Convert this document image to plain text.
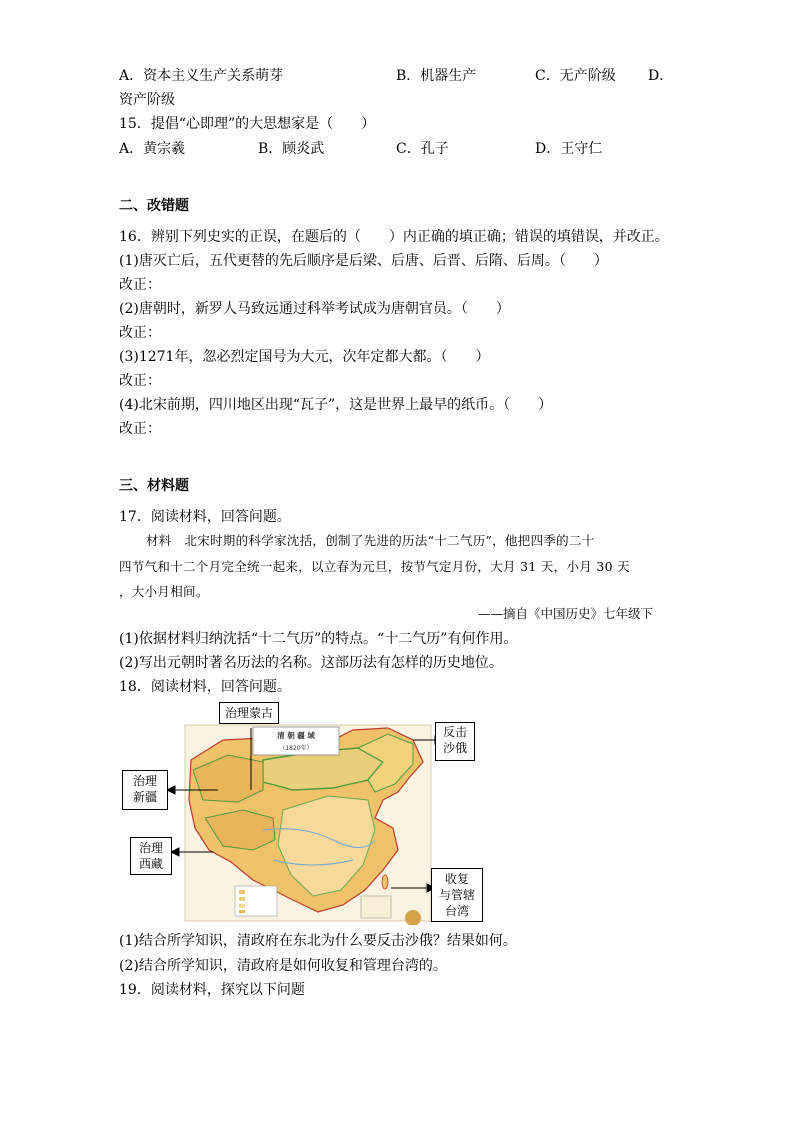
A．资本主义生产关系萌芽	B．机器生产	C．无产阶级 D．
资产阶级
15．提倡“心即理”的大思想家是（　　）
A．黄宗羲	B．顾炎武	C．孔子	D．王守仁
二、改错题
16．辨别下列史实的正误，在题后的（　　）内正确的填正确；错误的填错误，并改正。
(1)唐灭亡后，五代更替的先后顺序是后梁、后唐、后晋、后隋、后周。（　　）
改正：
(2)唐朝时，新罗人马致远通过科举考试成为唐朝官员。（　　）
改正：
(3)1271年，忽必烈定国号为大元，次年定都大都。（　　）
改正：
(4)北宋前期，四川地区出现“瓦子”，这是世界上最早的纸币。（　　）
改正：
三、材料题
17．阅读材料，回答问题。
材料　北宋时期的科学家沈括，创制了先进的历法“十二气历”，他把四季的二十
四节气和十二个月完全统一起来，以立春为元旦，按节气定月份，大月 31 天，小月 30 天
，大小月相间。
——摘自《中国历史》七年级下
(1)依据材料归纳沈括“十二气历”的特点。“十二气历”有何作用。
(2)写出元朝时著名历法的名称。这部历法有怎样的历史地位。
18．阅读材料，回答问题。
清 朝 疆 域
（1820年）
治理蒙古
反击
沙俄
治理
新疆
治理
西藏
收复
与管辖
台湾
(1)结合所学知识，清政府在东北为什么要反击沙俄？结果如何。
(2)结合所学知识，清政府是如何收复和管理台湾的。
19．阅读材料，探究以下问题
